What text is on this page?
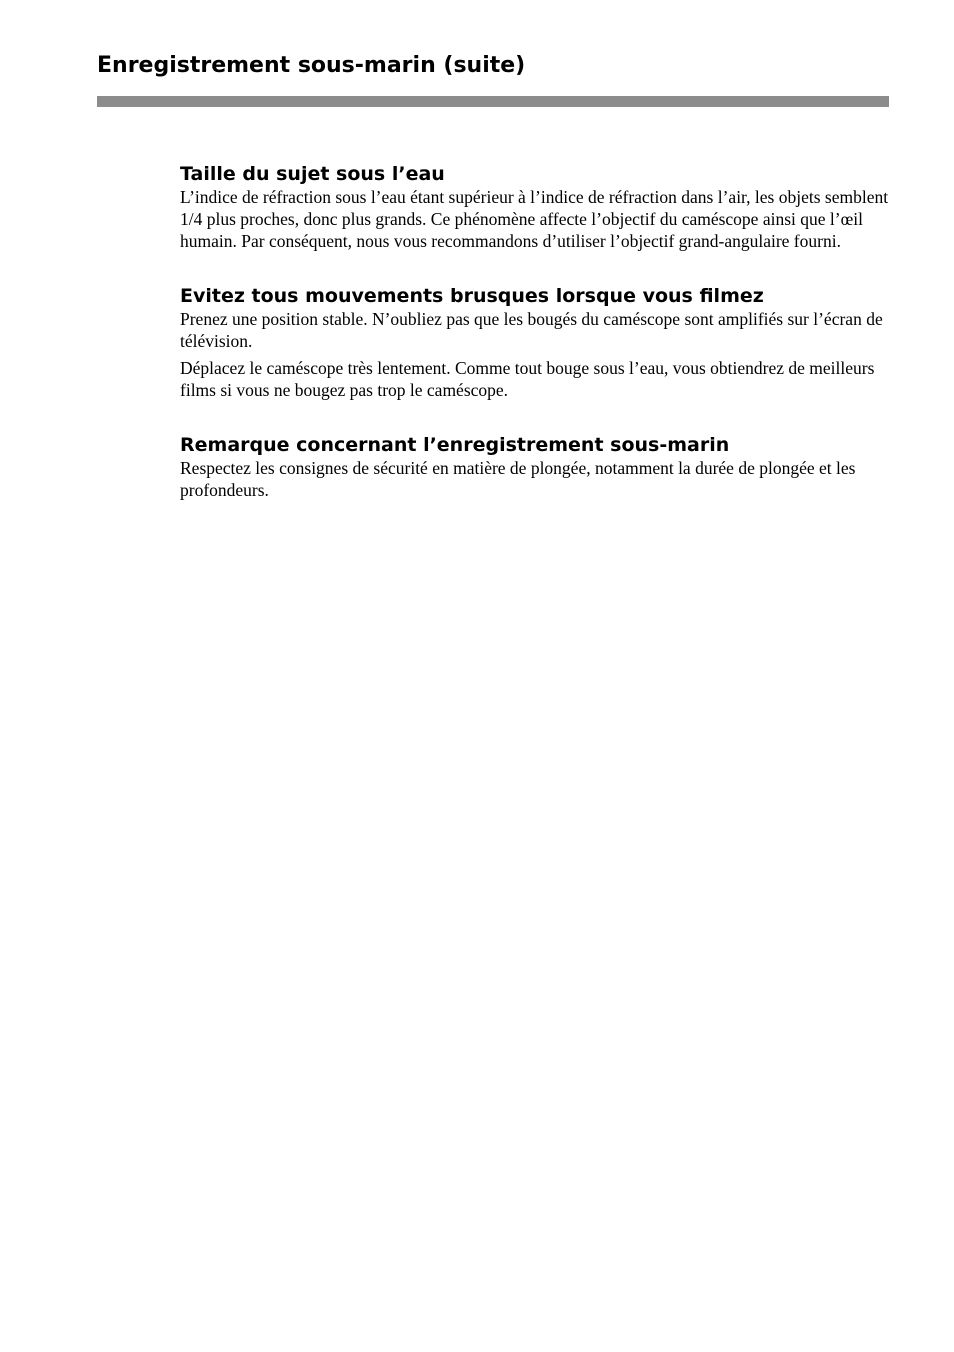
Enregistrement sous-marin (suite)
Taille du sujet sous l’eau

L’indice de réfraction sous l’eau étant supérieur à l’indice de réfraction dans l’air, les objets semblent 1/4 plus proches, donc plus grands. Ce phénomène affecte l’objectif du caméscope ainsi que l’œil humain. Par conséquent, nous vous recommandons d’utiliser l’objectif grand-angulaire fourni.

Evitez tous mouvements brusques lorsque vous filmez

Prenez une position stable. N’oubliez pas que les bougés du caméscope sont amplifiés sur l’écran de télévision.

Déplacez le caméscope très lentement. Comme tout bouge sous l’eau, vous obtiendrez de meilleurs films si vous ne bougez pas trop le caméscope.

Remarque concernant l’enregistrement sous-marin

Respectez les consignes de sécurité en matière de plongée, notamment la durée de plongée et les profondeurs.
